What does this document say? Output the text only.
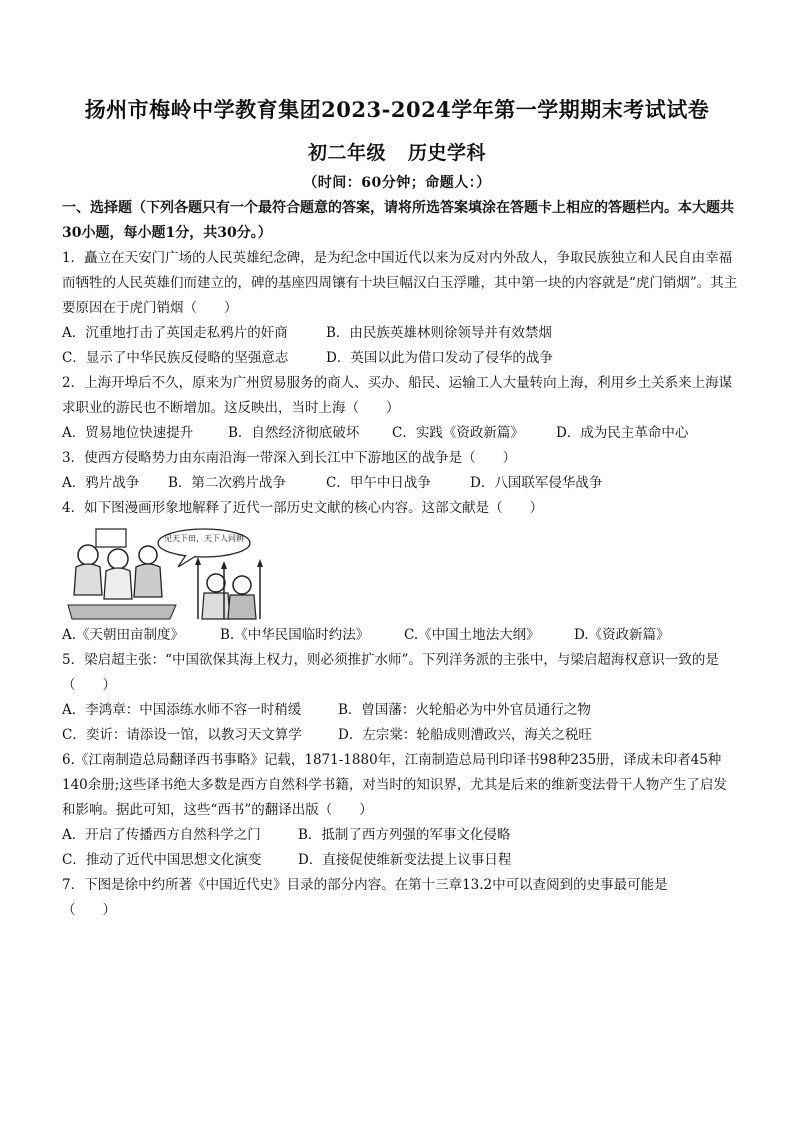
扬州市梅岭中学教育集团2023-2024学年第一学期期末考试试卷
初二年级 历史学科
（时间：60分钟；命题人：）

一、选择题（下列各题只有一个最符合题意的答案，请将所选答案填涂在答题卡上相应的答题栏内。本大题共30小题，每小题1分，共30分。）

1．矗立在天安门广场的人民英雄纪念碑，是为纪念中国近代以来为反对内外敌人，争取民族独立和人民自由幸福而牺牲的人民英雄们而建立的，碑的基座四周镶有十块巨幅汉白玉浮雕，其中第一块的内容就是“虎门销烟”。其主要原因在于虎门销烟（　　）

A．沉重地打击了英国走私鸦片的奸商	B．由民族英雄林则徐领导并有效禁烟
C．显示了中华民族反侵略的坚强意志	D．英国以此为借口发动了侵华的战争

2．上海开埠后不久，原来为广州贸易服务的商人、买办、船民、运输工人大量转向上海，利用乡土关系来上海谋求职业的游民也不断增加。这反映出，当时上海（　　）

A．贸易地位快速提升	B．自然经济彻底破坏	C．实践《资政新篇》	D．成为民主革命中心

3．使西方侵略势力由东南沿海一带深入到长江中下游地区的战争是（　　）

A．鸦片战争	B．第二次鸦片战争	C．甲午中日战争	D．八国联军侵华战争

4．如下图漫画形象地解释了近代一部历史文献的核心内容。这部文献是（　　）

见天下田，天下人同耕
A.《天朝田亩制度》	B.《中华民国临时约法》	C.《中国土地法大纲》	D.《资政新篇》

5．梁启超主张：“中国欲保其海上权力，则必须推扩水师”。下列洋务派的主张中，与梁启超海权意识一致的是（　　）

A．李鸿章：中国添练水师不容一时稍缓	B．曾国藩：火轮船必为中外官员通行之物
C．奕䜣：请添设一馆，以教习天文算学	D．左宗棠：轮船成则漕政兴，海关之税旺

6.《江南制造总局翻译西书事略》记载，1871-1880年，江南制造总局刊印译书98种235册，译成未印者45种140余册;这些译书绝大多数是西方自然科学书籍，对当时的知识界，尤其是后来的维新变法骨干人物产生了启发和影响。据此可知，这些“西书”的翻译出版（　　）

A．开启了传播西方自然科学之门	B．抵制了西方列强的军事文化侵略
C．推动了近代中国思想文化演变	D．直接促使维新变法提上议事日程

7．下图是徐中约所著《中国近代史》目录的部分内容。在第十三章13.2中可以查阅到的史事最可能是

（　　）
